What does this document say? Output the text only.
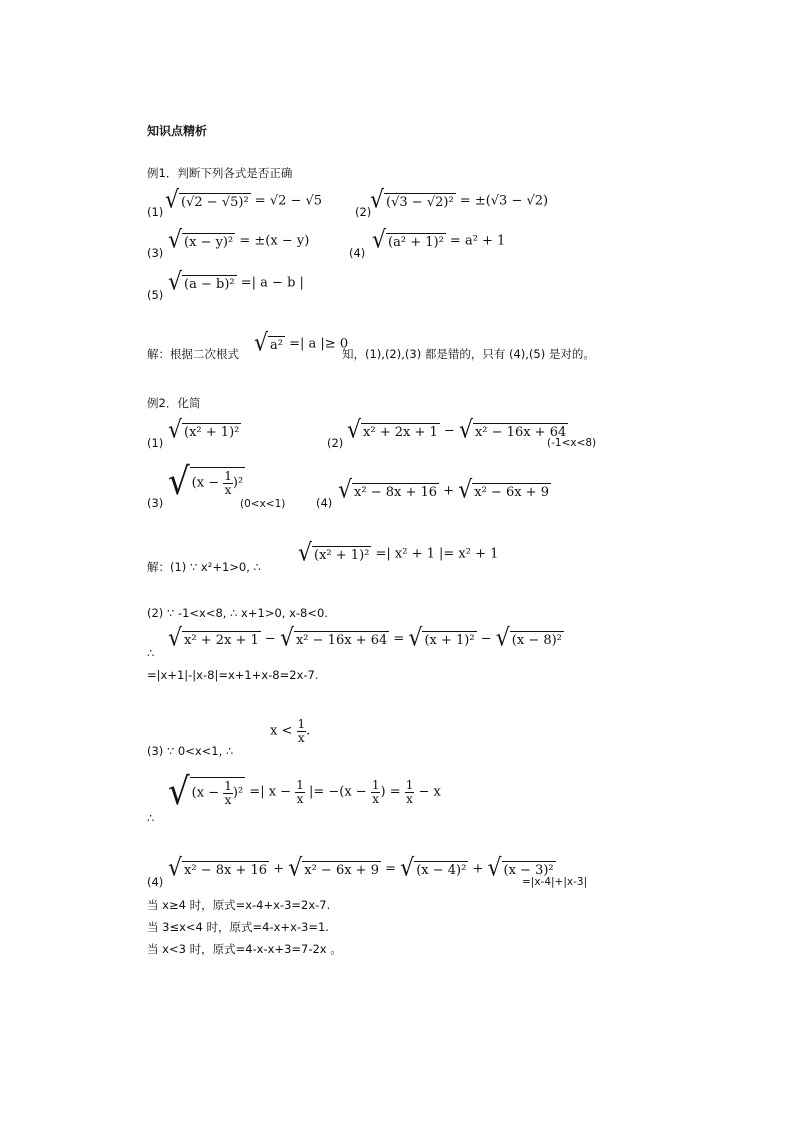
知识点精析
例1．判断下列各式是否正确
(1) √ (√2 − √5)² = √2 − √5
(2)
√ (√3 − √2)² = ±(√3 − √2)
(3) √ (x − y)² = ±(x − y)
(4) √ (a² + 1)² = a² + 1
(5) √ (a − b)² =| a − b |
解：根据二次根式 √ a² =| a |≥ 0
知，(1),(2),(3) 都是错的，只有 (4),(5) 是对的。
例2．化简
(1) √ (x² + 1)²
(2) √ x² + 2x + 1 − √ x² − 16x + 64
(-1<x<8)
(3) √ $(x - \frac{1}{x} )^2$
(0<x<1)	(4) √ x² − 8x + 16 + √ x² − 6x + 9
解：(1) ∵ x²+1>0, ∴ √ (x² + 1)² =| x² + 1 |= x² + 1
(2) ∵ -1<x<8, ∴ x+1>0, x-8<0.
∴
√ x² + 2x + 1 − √ x² − 16x + 64 = √ (x + 1)² − √ (x − 8)²
=|x+1|-|x-8|=x+1+x-8=2x-7.
(3) ∵ 0<x<1, ∴
$x < \frac{1}{x}$ .
∴
√ $(x - \frac{1}{x} )^2$ =| $x - \frac{1}{x}$ |= $-(x - \frac{1}{x}$ ) = $\frac{1}{x} - x$
(4) √ x² − 8x + 16 + √ x² − 6x + 9 = √ (x − 4)² + √ (x − 3)²
=|x-4|+|x-3|
当 x≥4 时，原式=x-4+x-3=2x-7.
当 3≤x<4 时，原式=4-x+x-3=1.
当 x<3 时，原式=4-x-x+3=7-2x 。
